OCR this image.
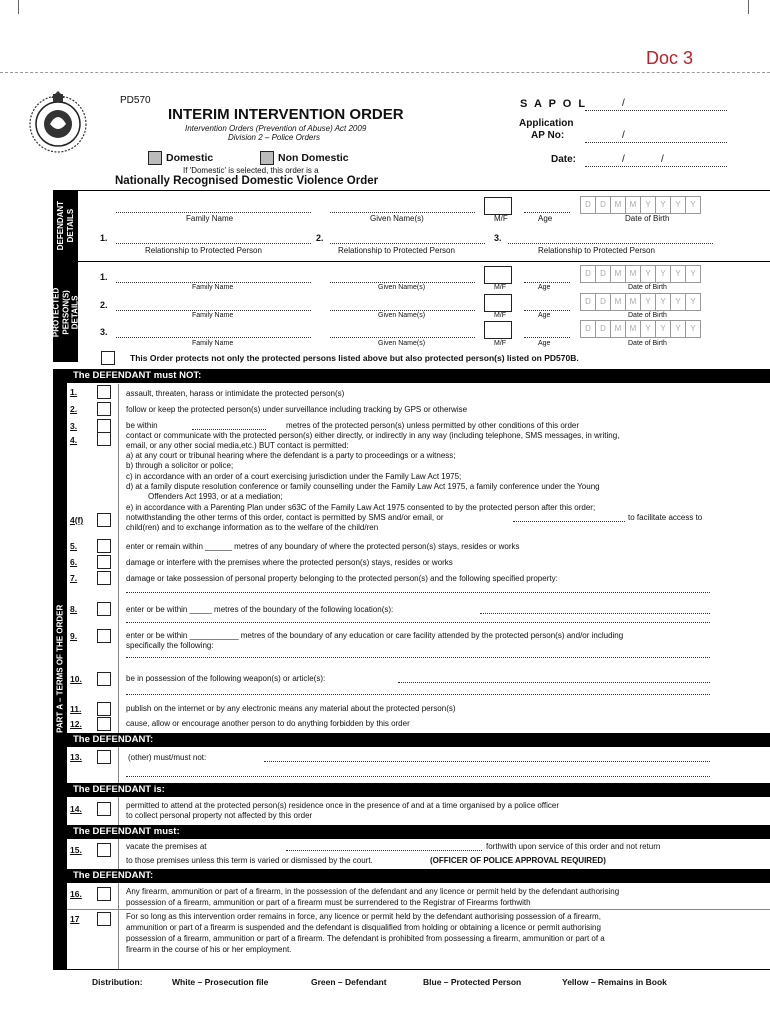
Doc 3
PD570
INTERIM INTERVENTION ORDER
Intervention Orders (Prevention of Abuse) Act 2009
Division 2 – Police Orders
S A P O L	/
Application
AP No:	/
Date:	/	/
Domestic	Non Domestic
If 'Domestic' is selected, this order is a
Nationally Recognised Domestic Violence Order
DEFENDANT
DETAILS
D	D	M	M	Y	Y	Y	Y
Family Name	Given Name(s)	M/F	Age	Date of Birth
1.	2.	3.
Relationship to Protected Person	Relationship to Protected Person	Relationship to Protected Person
PROTECTED
PERSON(S)
DETAILS
1.	D	D	M	M	Y	Y	Y	Y
Family Name	Given Name(s)	M/F	Age	Date of Birth
2.	D	D	M	M	Y	Y	Y	Y
Family Name	Given Name(s)	M/F	Age	Date of Birth
3.	D	D	M	M	Y	Y	Y	Y
Family Name	Given Name(s)	M/F	Age	Date of Birth
This Order protects not only the protected persons listed above but also protected person(s) listed on PD570B.
PART A – TERMS OF THE ORDER
The DEFENDANT must NOT:
1.	assault, threaten, harass or intimidate the protected person(s)
2.	follow or keep the protected person(s) under surveillance including tracking by GPS or otherwise
3.	be within	metres of the protected person(s) unless permitted by other conditions of this order
4.	contact or communicate with the protected person(s) either directly, or indirectly in any way (including telephone, SMS messages, in writing,
email, or any other social media,etc.) BUT contact is permitted:
a) at any court or tribunal hearing where the defendant is a party to proceedings or a witness;
b) through a solicitor or police;
c) in accordance with an order of a court exercising jurisdiction under the Family Law Act 1975;
d) at a family dispute resolution conference or family counselling under the Family Law Act 1975, a family conference under the Young
Offenders Act 1993, or at a mediation;
e) in accordance with a Parenting Plan under s63C of the Family Law Act 1975 consented to by the protected person after this order;
4(f)	notwithstanding the other terms of this order, contact is permitted by SMS and/or email, or	to facilitate access to
child(ren) and to exchange information as to the welfare of the child/ren
5.	enter or remain within ______ metres of any boundary of where the protected person(s) stays, resides or works
6.	damage or interfere with the premises where the protected person(s) stays, resides or works
7.	damage or take possession of personal property belonging to the protected person(s) and the following specified property:
8.	enter or be within _____ metres of the boundary of the following location(s):
9.	enter or be within ___________ metres of the boundary of any education or care facility attended by the protected person(s) and/or including
specifically the following:
10.	be in possession of the following weapon(s) or article(s):
11.	publish on the internet or by any electronic means any material about the protected person(s)
12.	cause, allow or encourage another person to do anything forbidden by this order
The DEFENDANT:
13.	(other) must/must not:
The DEFENDANT is:
14.	permitted to attend at the protected person(s) residence once in the presence of and at a time organised by a police officer
to collect personal property not affected by this order
The DEFENDANT must:
15.	vacate the premises at	forthwith upon service of this order and not return
to those premises unless this term is varied or dismissed by the court.	(OFFICER OF POLICE APPROVAL REQUIRED)
The DEFENDANT:
16.	Any firearm, ammunition or part of a firearm, in the possession of the defendant and any licence or permit held by the defendant authorising
possession of a firearm, ammunition or part of a firearm must be surrendered to the Registrar of Firearms forthwith
17	For so long as this intervention order remains in force, any licence or permit held by the defendant authorising possession of a firearm,
ammunition or part of a firearm is suspended and the defendant is disqualified from holding or obtaining a licence or permit authorising
possession of a firearm, ammunition or part of a firearm. The defendant is prohibited from possessing a firearm, ammunition or part of a
firearm in the course of his or her employment.
Distribution:	White – Prosecution file	Green – Defendant	Blue – Protected Person	Yellow – Remains in Book
